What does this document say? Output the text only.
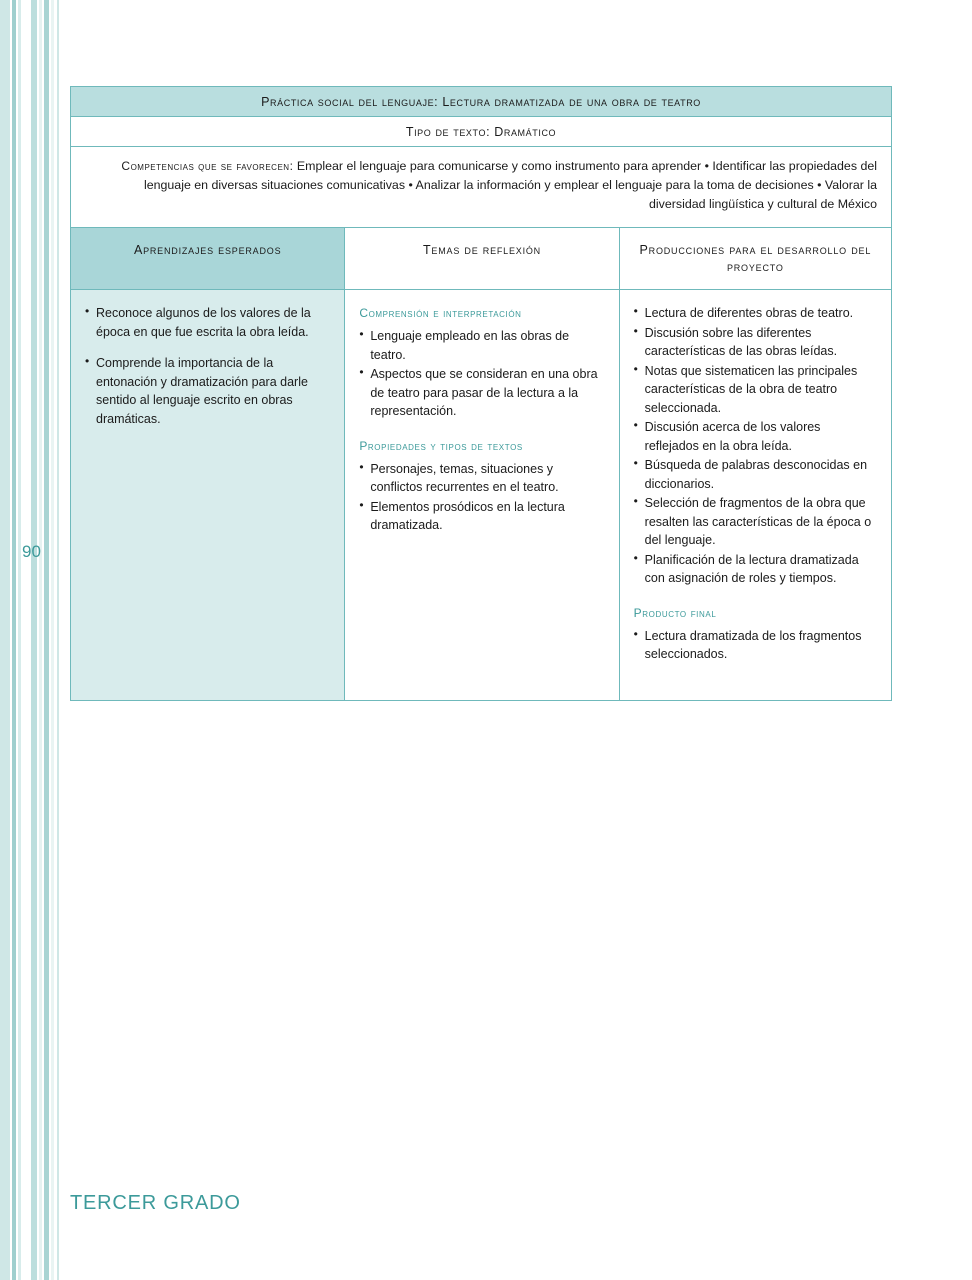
90
Práctica social del lenguaje: Lectura dramatizada de una obra de teatro		
Tipo de texto: Dramático		
Competencias que se favorecen: Emplear el lenguaje para comunicarse y como instrumento para aprender • Identificar las propiedades del lenguaje en diversas situaciones comunicativas • Analizar la información y emplear el lenguaje para la toma de decisiones • Valorar la diversidad lingüística y cultural de México		
Aprendizajes esperados	Temas de reflexión	Producciones para el desarrollo del proyecto

• Reconoce algunos de los valores de la época en que fue escrita la obra leída.
• Comprende la importancia de la entonación y dramatización para darle sentido al lenguaje escrito en obras dramáticas.

Comprensión e interpretación
• Lenguaje empleado en las obras de teatro.
• Aspectos que se consideran en una obra de teatro para pasar de la lectura a la representación.
Propiedades y tipos de textos
• Personajes, temas, situaciones y conflictos recurrentes en el teatro.
• Elementos prosódicos en la lectura dramatizada.

• Lectura de diferentes obras de teatro.
• Discusión sobre las diferentes características de las obras leídas.
• Notas que sistematicen las principales características de la obra de teatro seleccionada.
• Discusión acerca de los valores reflejados en la obra leída.
• Búsqueda de palabras desconocidas en diccionarios.
• Selección de fragmentos de la obra que resalten las características de la época o del lenguaje.
• Planificación de la lectura dramatizada con asignación de roles y tiempos.
Producto final
• Lectura dramatizada de los fragmentos seleccionados.
TERCER GRADO
